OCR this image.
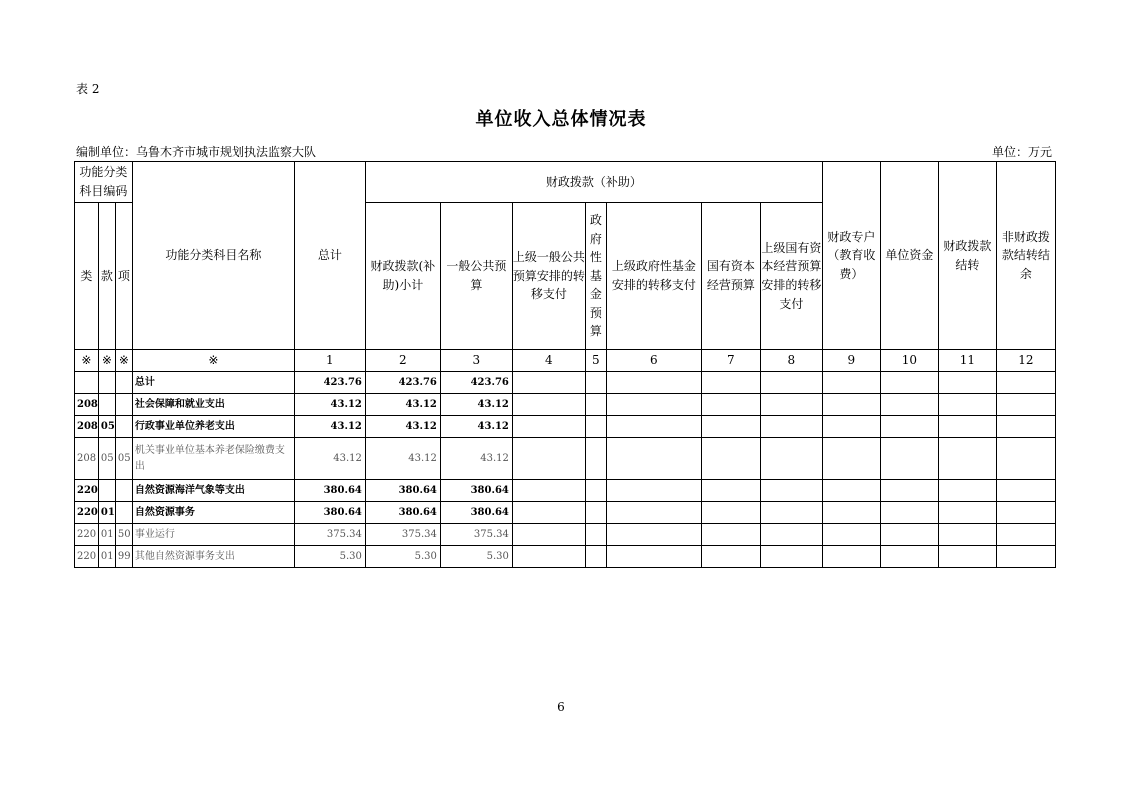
表 2
单位收入总体情况表
编制单位：乌鲁木齐市城市规划执法监察大队	单位：万元
功能分类科目编码			功能分类科目名称	总计	财政拨款（补助）							财政专户（教育收费）	单位资金	财政拨款结转	非财政拨款结转结余
类	款	项			财政拨款(补助)小计	一般公共预算	上级一般公共预算安排的转移支付	政府性基金预算	上级政府性基金安排的转移支付	国有资本经营预算	上级国有资本经营预算安排的转移支付				
※	※	※	※	1	2	3	4	5	6	7	8	9	10	11	12
			总计	423.76	423.76	423.76									
208			社会保障和就业支出	43.12	43.12	43.12									
208	05		行政事业单位养老支出	43.12	43.12	43.12									
208	05	05	机关事业单位基本养老保险缴费支出	43.12	43.12	43.12									
220			自然资源海洋气象等支出	380.64	380.64	380.64									
220	01		自然资源事务	380.64	380.64	380.64									
220	01	50	事业运行	375.34	375.34	375.34									
220	01	99	其他自然资源事务支出	5.30	5.30	5.30									
6
